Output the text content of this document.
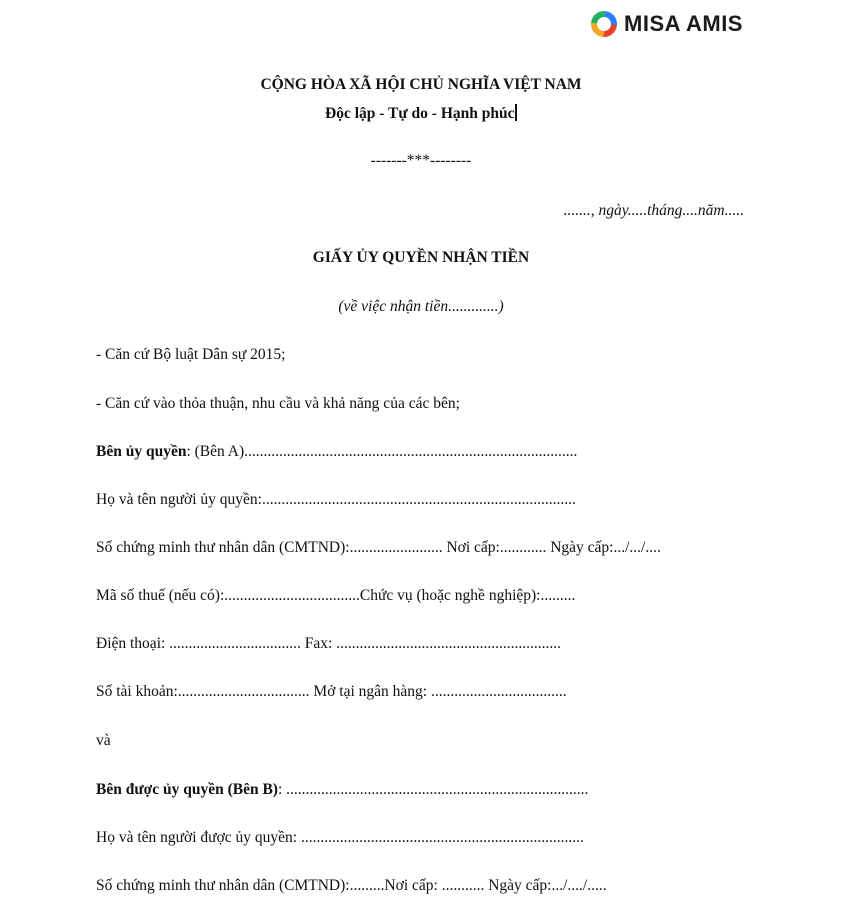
MISA AMIS
CỘNG HÒA XÃ HỘI CHỦ NGHĨA VIỆT NAM
Độc lập - Tự do - Hạnh phúc
-------***--------
......., ngày.....tháng....năm.....
GIẤY ỦY QUYỀN NHẬN TIỀN
(về việc nhận tiền.............)
- Căn cứ Bộ luật Dân sự 2015;
- Căn cứ vào thỏa thuận, nhu cầu và khả năng của các bên;
Bên ủy quyền: (Bên A)......................................................................................
Họ và tên người ủy quyền:.................................................................................
Số chứng minh thư nhân dân (CMTND):........................ Nơi cấp:............ Ngày cấp:.../.../....
Mã số thuế (nếu có):...................................Chức vụ (hoặc nghề nghiệp):.........
Điện thoại: .................................. Fax: ..........................................................
Số tài khoản:.................................. Mở tại ngân hàng: ...................................
và
Bên được ủy quyền (Bên B): ..............................................................................
Họ và tên người được ủy quyền: .........................................................................
Số chứng minh thư nhân dân (CMTND):.........Nơi cấp: ........... Ngày cấp:.../..../.....
